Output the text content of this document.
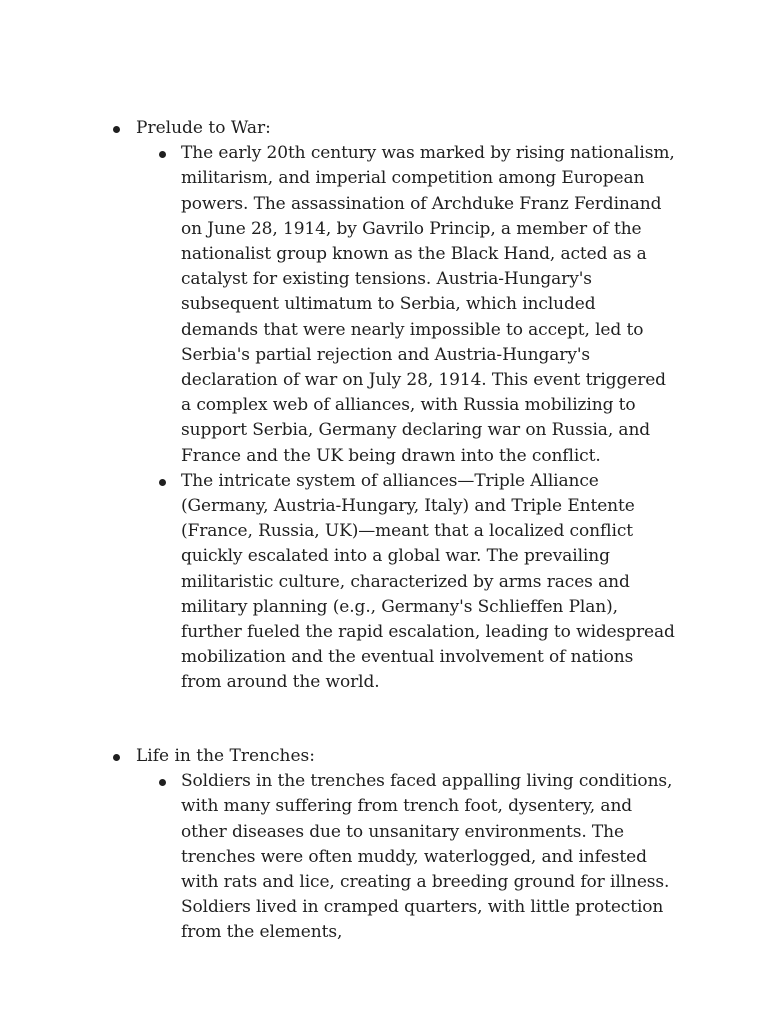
Prelude to War:
The early 20th century was marked by rising nationalism, militarism, and imperial competition among European powers. The assassination of Archduke Franz Ferdinand on June 28, 1914, by Gavrilo Princip, a member of the nationalist group known as the Black Hand, acted as a catalyst for existing tensions. Austria-Hungary's subsequent ultimatum to Serbia, which included demands that were nearly impossible to accept, led to Serbia's partial rejection and Austria-Hungary's declaration of war on July 28, 1914. This event triggered a complex web of alliances, with Russia mobilizing to support Serbia, Germany declaring war on Russia, and France and the UK being drawn into the conflict.
The intricate system of alliances—Triple Alliance (Germany, Austria-Hungary, Italy) and Triple Entente (France, Russia, UK)—meant that a localized conflict quickly escalated into a global war. The prevailing militaristic culture, characterized by arms races and military planning (e.g., Germany's Schlieffen Plan), further fueled the rapid escalation, leading to widespread mobilization and the eventual involvement of nations from around the world.
Life in the Trenches:
Soldiers in the trenches faced appalling living conditions, with many suffering from trench foot, dysentery, and other diseases due to unsanitary environments. The trenches were often muddy, waterlogged, and infested with rats and lice, creating a breeding ground for illness. Soldiers lived in cramped quarters, with little protection from the elements,
